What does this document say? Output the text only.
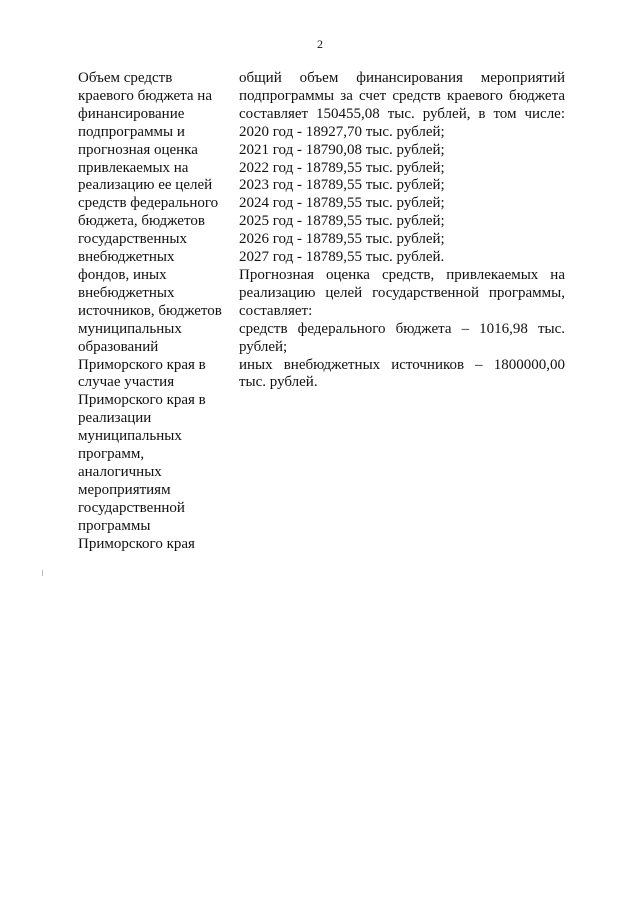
2
Объем средств
краевого бюджета на
финансирование
подпрограммы и
прогнозная оценка
привлекаемых на
реализацию ее целей
средств федерального
бюджета, бюджетов
государственных
внебюджетных
фондов, иных
внебюджетных
источников, бюджетов
муниципальных
образований
Приморского края в
случае участия
Приморского края в
реализации
муниципальных
программ,
аналогичных
мероприятиям
государственной
программы
Приморского края
общий объем финансирования мероприятий
подпрограммы за счет средств краевого бюджета
составляет 150455,08 тыс. рублей, в том числе:
2020 год - 18927,70 тыс. рублей;
2021 год - 18790,08 тыс. рублей;
2022 год - 18789,55 тыс. рублей;
2023 год - 18789,55 тыс. рублей;
2024 год - 18789,55 тыс. рублей;
2025 год - 18789,55 тыс. рублей;
2026 год - 18789,55 тыс. рублей;
2027 год - 18789,55 тыс. рублей.
Прогнозная оценка средств, привлекаемых на
реализацию целей государственной программы,
составляет:
средств федерального бюджета – 1016,98 тыс.
рублей;
иных внебюджетных источников – 1800000,00
тыс. рублей.
